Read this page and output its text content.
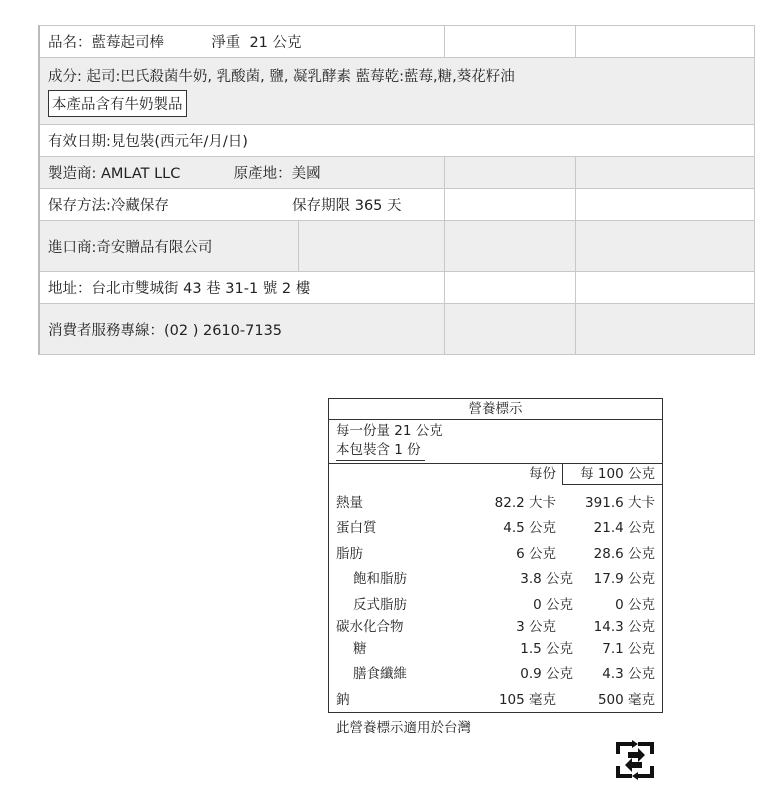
品名：藍莓起司棒 淨重 21 公克			

成分: 起司:巴氏殺菌牛奶, 乳酸菌, 鹽, 凝乳酵素 藍莓乾:藍莓,糖,葵花籽油
本產品含有牛奶製品			
有效日期:見包裝(西元年/月/日)			
製造商: AMLAT LLC 原產地：美國			
保存方法:冷藏保存 保存期限 365 天			
進口商:奇安贈品有限公司			
地址：台北市雙城街 43 巷 31-1 號 2 樓			
消費者服務專線：(02 ) 2610-7135			
營養標示
每一份量 21 公克
本包裝含 1 份
每份	每 100 公克
熱量	82.2 大卡	391.6 大卡
蛋白質	4.5 公克	21.4 公克
脂肪	6 公克	28.6 公克
飽和脂肪	3.8 公克	17.9 公克
反式脂肪	0 公克	0 公克
碳水化合物	3 公克	14.3 公克
糖	1.5 公克	7.1 公克
膳食纖維	0.9 公克	4.3 公克
鈉	105 毫克	500 毫克
此營養標示適用於台灣
